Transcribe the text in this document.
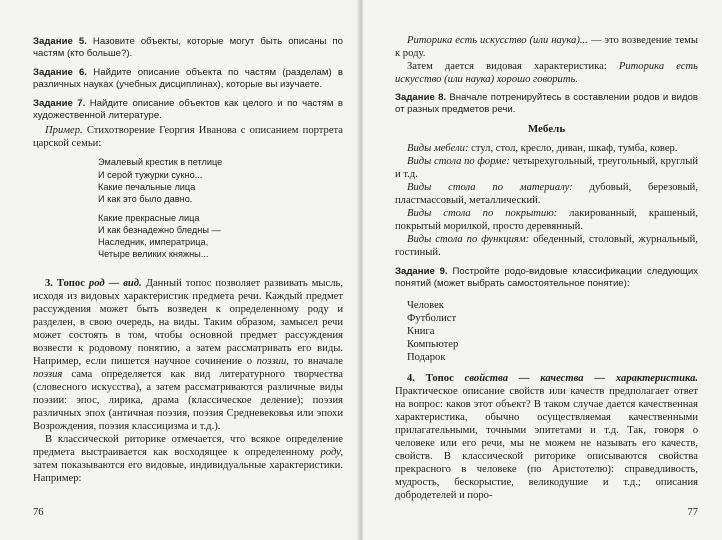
Задание 5. Назовите объекты, которые могут быть описаны по частям (кто больше?).

Задание 6. Найдите описание объекта по частям (разделам) в различных науках (учебных дисциплинах), которые вы изучаете.

Задание 7. Найдите описание объектов как целого и по частям в художественной литературе.

Пример. Стихотворение Георгия Иванова с описанием портрета царской семьи:

Эмалевый крестик в петлице
И серой тужурки сукно...
Какие печальные лица
И как это было давно.
Какие прекрасные лица
И как безнадежно бледны —
Наследник, императрица,
Четыре великих княжны...

3. Топос род — вид. Данный топос позволяет развивать мысль, исходя из видовых характеристик предмета речи. Каждый предмет рассуждения может быть возведен к определенному роду и разделен, в свою очередь, на виды. Таким образом, замысел речи может состоять в том, чтобы основной предмет рассуждения возвести к родовому понятию, а затем рассматривать его виды. Например, если пишется научное сочинение о поэзии, то вначале поэзия сама определяется как вид литературного творчества (словесного искусства), а затем рассматриваются различные виды поэзии: эпос, лирика, драма (классическое деление); поэзия различных эпох (античная поэзия, поэзия Средневековья или эпохи Возрождения, поэзия классицизма и т.д.).

В классической риторике отмечается, что всякое определение предмета выстраивается как восходящее к определенному роду, затем показываются его видовые, индивидуальные характеристики. Например:

76

Риторика есть искусство (или наука)... — это возведение темы к роду.

Затем дается видовая характеристика: Риторика есть искусство (или наука) хорошо говорить.

Задание 8. Вначале потренируйтесь в составлении родов и видов от разных предметов речи.

Мебель

Виды мебели: стул, стол, кресло, диван, шкаф, тумба, ковер.

Виды стола по форме: четырехугольный, треугольный, круглый и т.д.

Виды стола по материалу: дубовый, березовый, пластмассовый, металлический.

Виды стола по покрытию: лакированный, крашеный, покрытый морилкой, просто деревянный.

Виды стола по функциям: обеденный, столовый, журнальный, гостиный.

Задание 9. Постройте родо-видовые классификации следующих понятий (может выбрать самостоятельное понятие):

Человек
Футболист
Книга
Компьютер
Подарок

4. Топос свойства — качества — характеристика. Практическое описание свойств или качеств предполагает ответ на вопрос: каков этот объект? В таком случае дается качественная характеристика, обычно осуществляемая качественными прилагательными, точными эпитетами и т.д. Так, говоря о человеке или его речи, мы не можем не называть его качеств, свойств. В классической риторике описываются свойства прекрасного в человеке (по Аристотелю): справедливость, мудрость, бескорыстие, великодушие и т.д.; описания добродетелей и поро-

77
